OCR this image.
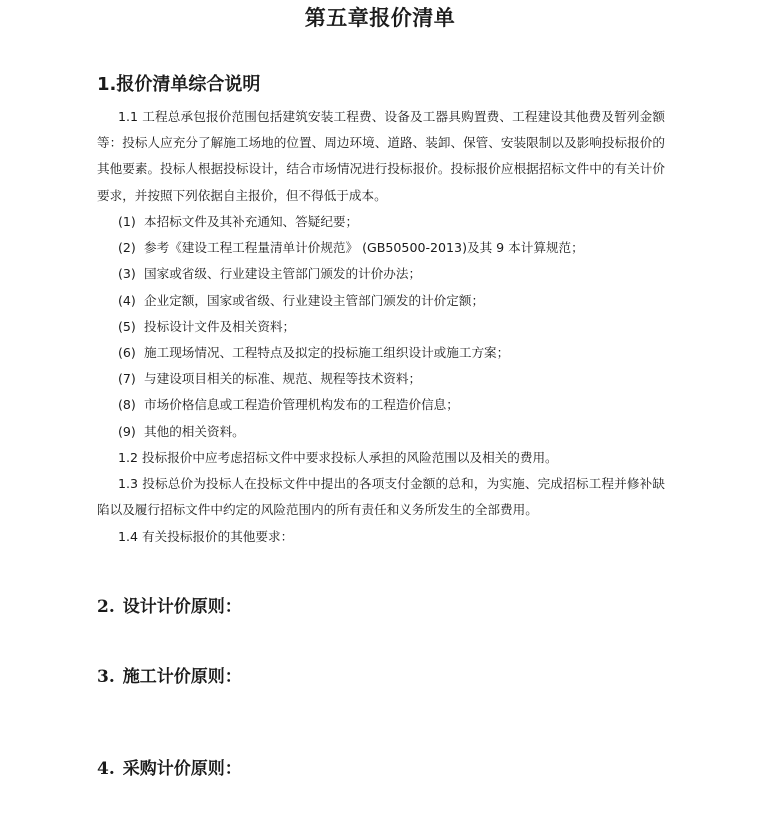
第五章报价清单
1.报价清单综合说明

1.1 工程总承包报价范围包括建筑安装工程费、设备及工器具购置费、工程建设其他费及暂列金额等：投标人应充分了解施工场地的位置、周边环境、道路、装卸、保管、安装限制以及影响投标报价的其他要素。投标人根据投标设计，结合市场情况进行投标报价。投标报价应根据招标文件中的有关计价要求，并按照下列依据自主报价，但不得低于成本。

(1) 本招标文件及其补充通知、答疑纪要；
(2) 参考《建设工程工程量清单计价规范》 (GB50500-2013)及其 9 本计算规范；
(3) 国家或省级、行业建设主管部门颁发的计价办法；
(4) 企业定额，国家或省级、行业建设主管部门颁发的计价定额；
(5) 投标设计文件及相关资料；
(6) 施工现场情况、工程特点及拟定的投标施工组织设计或施工方案；
(7) 与建设项目相关的标准、规范、规程等技术资料；
(8) 市场价格信息或工程造价管理机构发布的工程造价信息；
(9) 其他的相关资料。

1.2 投标报价中应考虑招标文件中要求投标人承担的风险范围以及相关的费用。

1.3 投标总价为投标人在投标文件中提出的各项支付金额的总和，为实施、完成招标工程并修补缺陷以及履行招标文件中约定的风险范围内的所有责任和义务所发生的全部费用。

1.4 有关投标报价的其他要求：

2. 设计计价原则：
3. 施工计价原则：
4. 采购计价原则：
